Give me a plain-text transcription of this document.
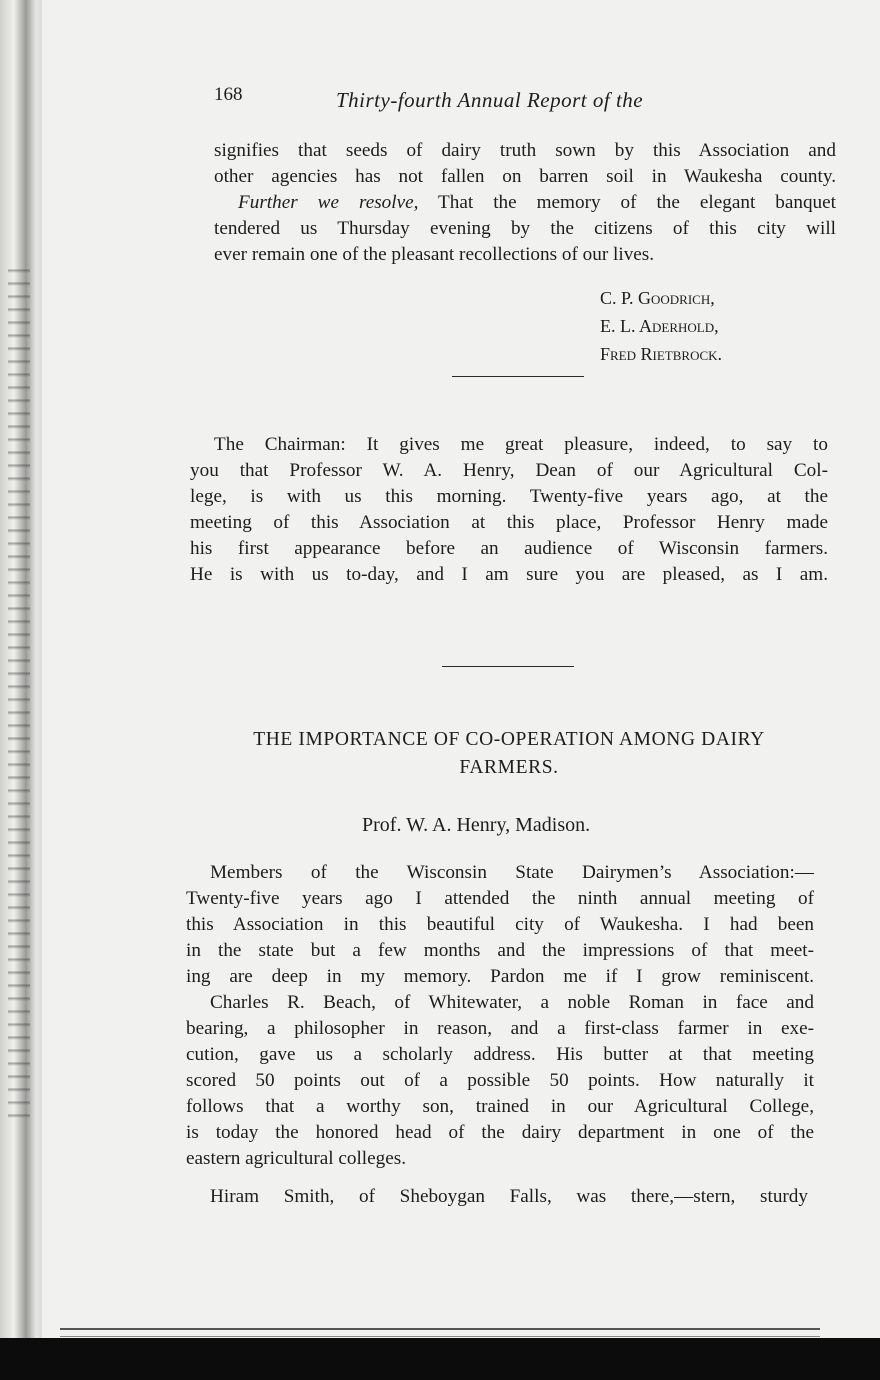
168	Thirty-fourth Annual Report of the
signifies that seeds of dairy truth sown by this Association and
other agencies has not fallen on barren soil in Waukesha county.
Further we resolve, That the memory of the elegant banquet
tendered us Thursday evening by the citizens of this city will
ever remain one of the pleasant recollections of our lives.
C. P. Goodrich,
E. L. Aderhold,
Fred Rietbrock.
The Chairman: It gives me great pleasure, indeed, to say to
you that Professor W. A. Henry, Dean of our Agricultural Col-
lege, is with us this morning. Twenty-five years ago, at the
meeting of this Association at this place, Professor Henry made
his first appearance before an audience of Wisconsin farmers.
He is with us to-day, and I am sure you are pleased, as I am.
THE IMPORTANCE OF CO-OPERATION AMONG DAIRY
FARMERS.
Prof. W. A. Henry, Madison.
Members of the Wisconsin State Dairymen’s Association:—
Twenty-five years ago I attended the ninth annual meeting of
this Association in this beautiful city of Waukesha. I had been
in the state but a few months and the impressions of that meet-
ing are deep in my memory. Pardon me if I grow reminiscent.
Charles R. Beach, of Whitewater, a noble Roman in face and
bearing, a philosopher in reason, and a first-class farmer in exe-
cution, gave us a scholarly address. His butter at that meeting
scored 50 points out of a possible 50 points. How naturally it
follows that a worthy son, trained in our Agricultural College,
is today the honored head of the dairy department in one of the
eastern agricultural colleges.
Hiram Smith, of Sheboygan Falls, was there,—stern, sturdy
